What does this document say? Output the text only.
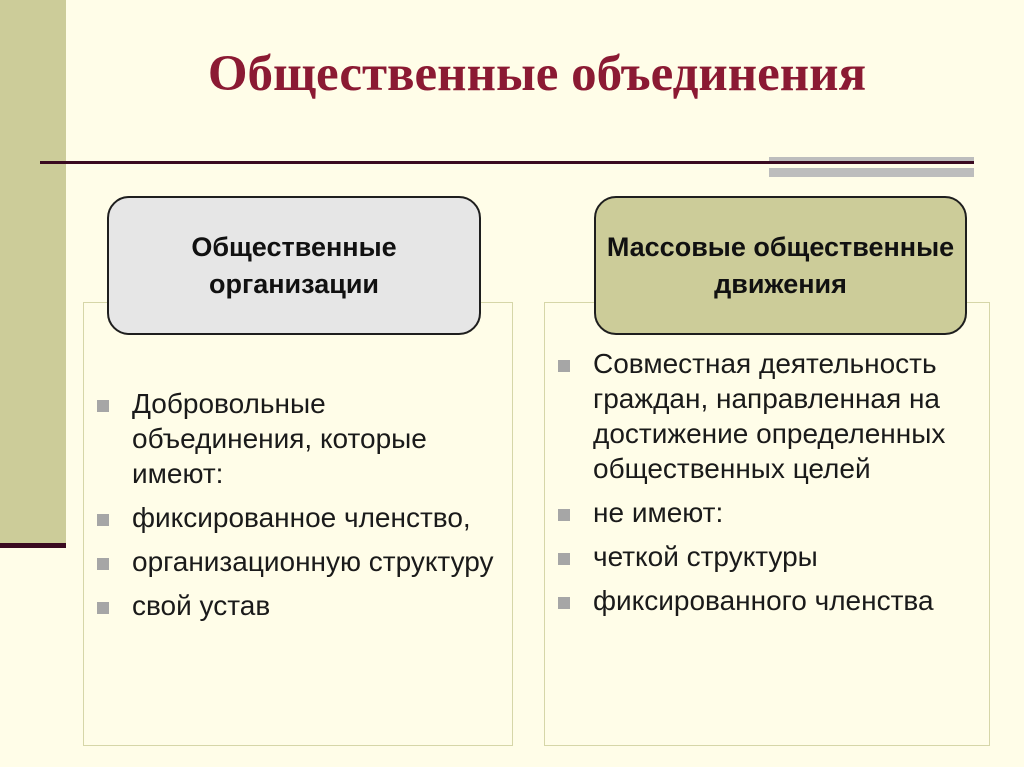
Общественные объединения
Общественные организации
Массовые общественные движения
Добровольные объединения, которые имеют:
фиксированное членство,
организационную структуру
свой устав
Совместная деятельность граждан, направленная на достижение определенных общественных целей
не имеют:
четкой структуры
фиксированного членства
